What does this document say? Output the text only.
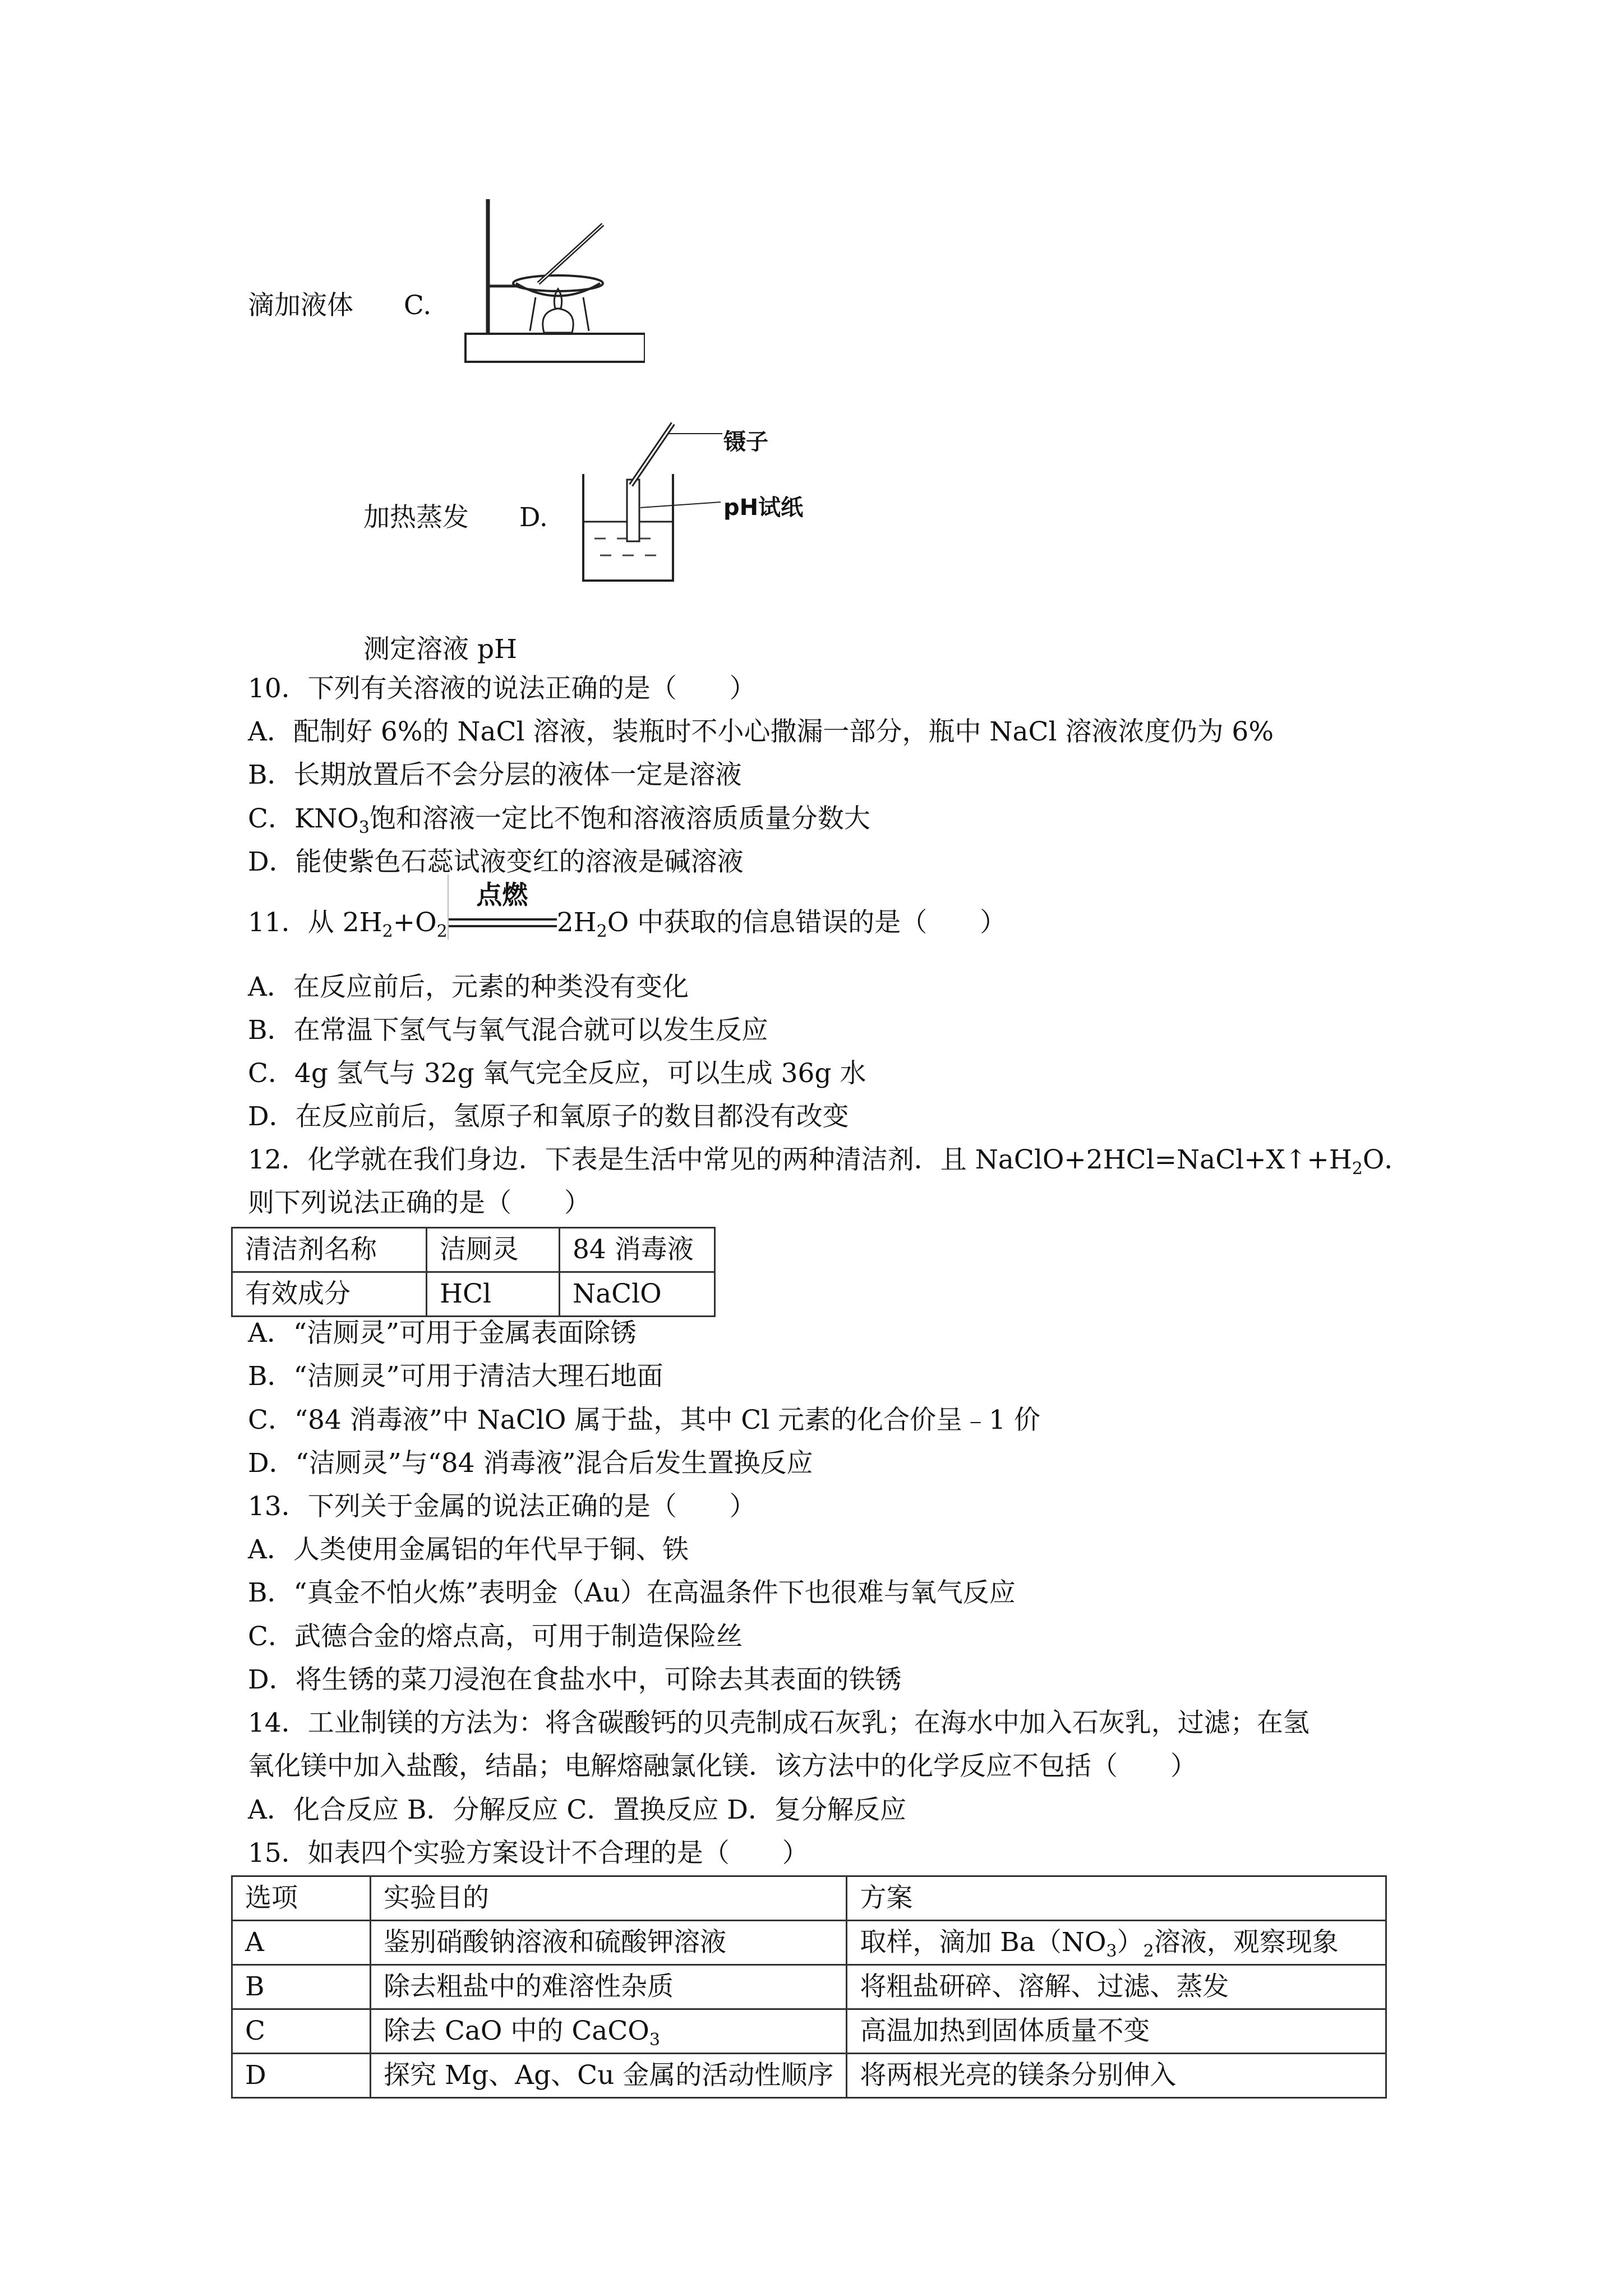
滴加液体 C.
加热蒸发 D.
镊子
pH试纸
测定溶液 pH
10．下列有关溶液的说法正确的是（　　）
A．配制好 6%的 NaCl 溶液，装瓶时不小心撒漏一部分，瓶中 NaCl 溶液浓度仍为 6%
B．长期放置后不会分层的液体一定是溶液
C．$KNO_3$饱和溶液一定比不饱和溶液溶质质量分数大
D．能使紫色石蕊试液变红的溶液是碱溶液
11．从 $2H_2+O_2$
点燃
$2H_2O$ 中获取的信息错误的是（　　）
A．在反应前后，元素的种类没有变化
B．在常温下氢气与氧气混合就可以发生反应
C．4g 氢气与 32g 氧气完全反应，可以生成 36g 水
D．在反应前后，氢原子和氧原子的数目都没有改变
12．化学就在我们身边．下表是生活中常见的两种清洁剂．且 $NaClO+2HCl=NaCl+X↑+H_2O$．
则下列说法正确的是（　　）
清洁剂名称	洁厕灵	84 消毒液
有效成分	HCl	NaClO
A．“洁厕灵”可用于金属表面除锈
B．“洁厕灵”可用于清洁大理石地面
C．“84 消毒液”中 NaClO 属于盐，其中 Cl 元素的化合价呈﹣1 价
D．“洁厕灵”与“84 消毒液”混合后发生置换反应
13．下列关于金属的说法正确的是（　　）
A．人类使用金属铝的年代早于铜、铁
B．“真金不怕火炼”表明金（Au）在高温条件下也很难与氧气反应
C．武德合金的熔点高，可用于制造保险丝
D．将生锈的菜刀浸泡在食盐水中，可除去其表面的铁锈
14．工业制镁的方法为：将含碳酸钙的贝壳制成石灰乳；在海水中加入石灰乳，过滤；在氢
氧化镁中加入盐酸，结晶；电解熔融氯化镁．该方法中的化学反应不包括（　　）
A．化合反应 B．分解反应 C．置换反应 D．复分解反应
15．如表四个实验方案设计不合理的是（　　）
选项	实验目的	方案
A	鉴别硝酸钠溶液和硫酸钾溶液	取样，滴加 $Ba(NO_3)_2$溶液，观察现象
B	除去粗盐中的难溶性杂质	将粗盐研碎、溶解、过滤、蒸发
C	除去 CaO 中的 CaCO$_3$	高温加热到固体质量不变
D	探究 Mg、Ag、Cu 金属的活动性顺序	将两根光亮的镁条分别伸入
